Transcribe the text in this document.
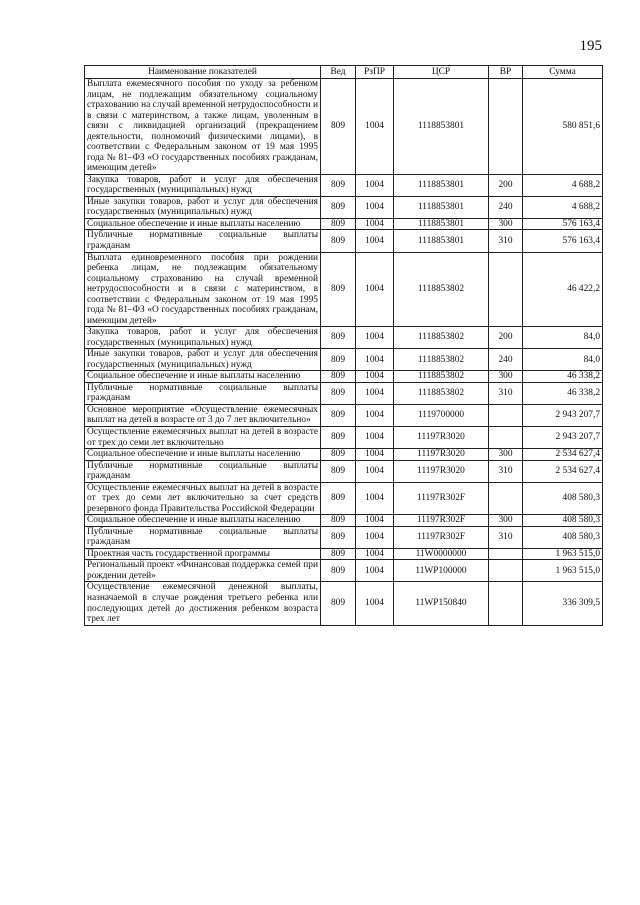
195
Наименование показателей	Вед	РзПР	ЦСР	ВР	Сумма
Выплата ежемесячного пособия по уходу за ребенком лицам, не подлежащим обязательному социальному страхованию на случай временной нетрудоспособности и в связи с материнством, а также лицам, уволенным в связи с ликвидацией организаций (прекращением деятельности, полномочий физическими лицами), в соответствии с Федеральным законом от 19 мая 1995 года № 81–ФЗ «О государственных пособиях гражданам, имеющим детей»	809	1004	1118853801		580 851,6
Закупка товаров, работ и услуг для обеспечения государственных (муниципальных) нужд	809	1004	1118853801	200	4 688,2
Иные закупки товаров, работ и услуг для обеспечения государственных (муниципальных) нужд	809	1004	1118853801	240	4 688,2
Социальное обеспечение и иные выплаты населению	809	1004	1118853801	300	576 163,4
Публичные нормативные социальные выплаты гражданам	809	1004	1118853801	310	576 163,4
Выплата единовременного пособия при рождении ребенка лицам, не подлежащим обязательному социальному страхованию на случай временной нетрудоспособности и в связи с материнством, в соответствии с Федеральным законом от 19 мая 1995 года № 81–ФЗ «О государственных пособиях гражданам, имеющим детей»	809	1004	1118853802		46 422,2
Закупка товаров, работ и услуг для обеспечения государственных (муниципальных) нужд	809	1004	1118853802	200	84,0
Иные закупки товаров, работ и услуг для обеспечения государственных (муниципальных) нужд	809	1004	1118853802	240	84,0
Социальное обеспечение и иные выплаты населению	809	1004	1118853802	300	46 338,2
Публичные нормативные социальные выплаты гражданам	809	1004	1118853802	310	46 338,2
Основное мероприятие «Осуществление ежемесячных выплат на детей в возрасте от 3 до 7 лет включительно»	809	1004	1119700000		2 943 207,7
Осуществление ежемесячных выплат на детей в возрасте от трех до семи лет включительно	809	1004	11197R3020		2 943 207,7
Социальное обеспечение и иные выплаты населению	809	1004	11197R3020	300	2 534 627,4
Публичные нормативные социальные выплаты гражданам	809	1004	11197R3020	310	2 534 627,4
Осуществление ежемесячных выплат на детей в возрасте от трех до семи лет включительно за счет средств резервного фонда Правительства Российской Федерации	809	1004	11197R302F		408 580,3
Социальное обеспечение и иные выплаты населению	809	1004	11197R302F	300	408 580,3
Публичные нормативные социальные выплаты гражданам	809	1004	11197R302F	310	408 580,3
Проектная часть государственной программы	809	1004	11W0000000		1 963 515,0
Региональный проект «Финансовая поддержка семей при рождении детей»	809	1004	11WP100000		1 963 515,0
Осуществление ежемесячной денежной выплаты, назначаемой в случае рождения третьего ребенка или последующих детей до достижения ребенком возраста трех лет	809	1004	11WP150840		336 309,5
